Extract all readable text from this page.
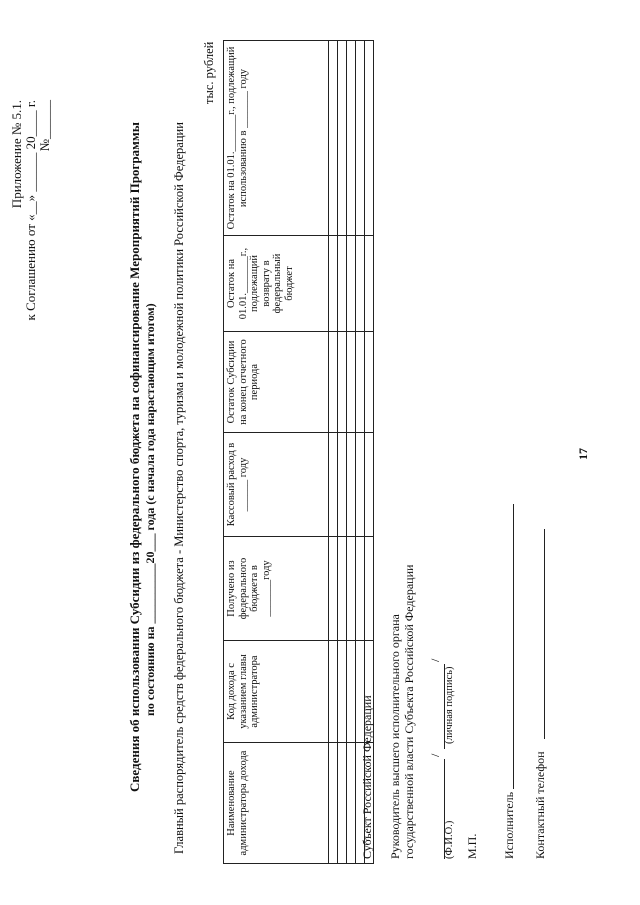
17
Приложение № 5.1. к Соглашению от «__» ______ 20____ г. №______	Сведения об использовании Субсидии из федерального бюджета на софинансирование Мероприятий Программы по состоянию на __________20___ года (с начала года нарастающим итогом) Главный распорядитель средств федерального бюджета - Министерство спорта, туризма и молодежной политики Российской Федерации
тыс. рублей
Наименование администратора дохода	Код дохода с указанием главы администратора	Получено из федерального бюджета в _______году	Кассовый расход в ______ году	Остаток Субсидии на конец отчетного периода	Остаток на 01.01._______г., подлежащий возврату в федеральный бюджет	Остаток на 01.01._______г., подлежащий использованию в _______ году

Субъект Российской Федерации Руководитель высшего исполнительного органа государственной власти Субъекта Российской Федерации /
/
(Ф.И.О.)
(личная подпись)
М.П. Исполнитель Контактный телефон
